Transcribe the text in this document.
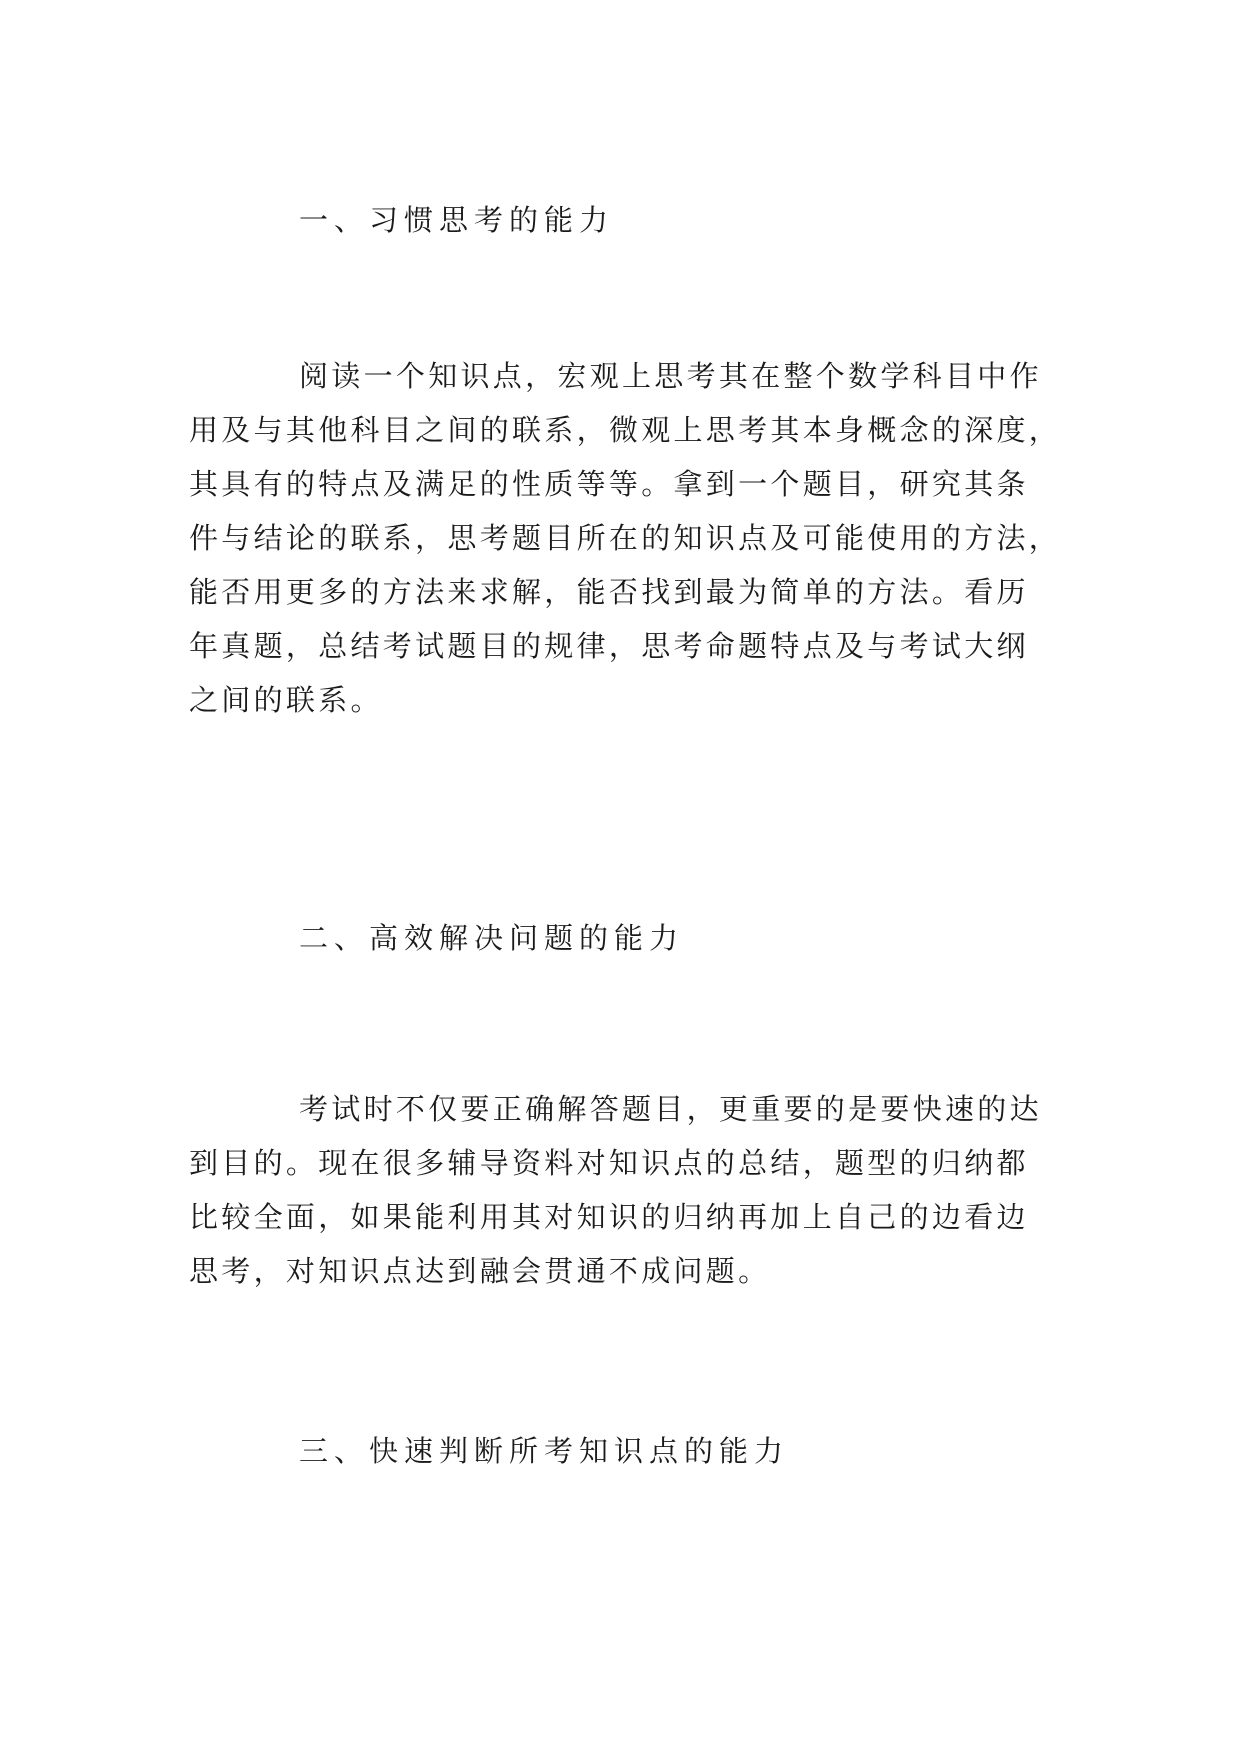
一、习惯思考的能力

阅读一个知识点，宏观上思考其在整个数学科目中作
用及与其他科目之间的联系，微观上思考其本身概念的深度，
其具有的特点及满足的性质等等。拿到一个题目，研究其条
件与结论的联系，思考题目所在的知识点及可能使用的方法，
能否用更多的方法来求解，能否找到最为简单的方法。看历
年真题，总结考试题目的规律，思考命题特点及与考试大纲
之间的联系。

二、高效解决问题的能力

考试时不仅要正确解答题目，更重要的是要快速的达
到目的。现在很多辅导资料对知识点的总结，题型的归纳都
比较全面，如果能利用其对知识的归纳再加上自己的边看边
思考，对知识点达到融会贯通不成问题。

三、快速判断所考知识点的能力
